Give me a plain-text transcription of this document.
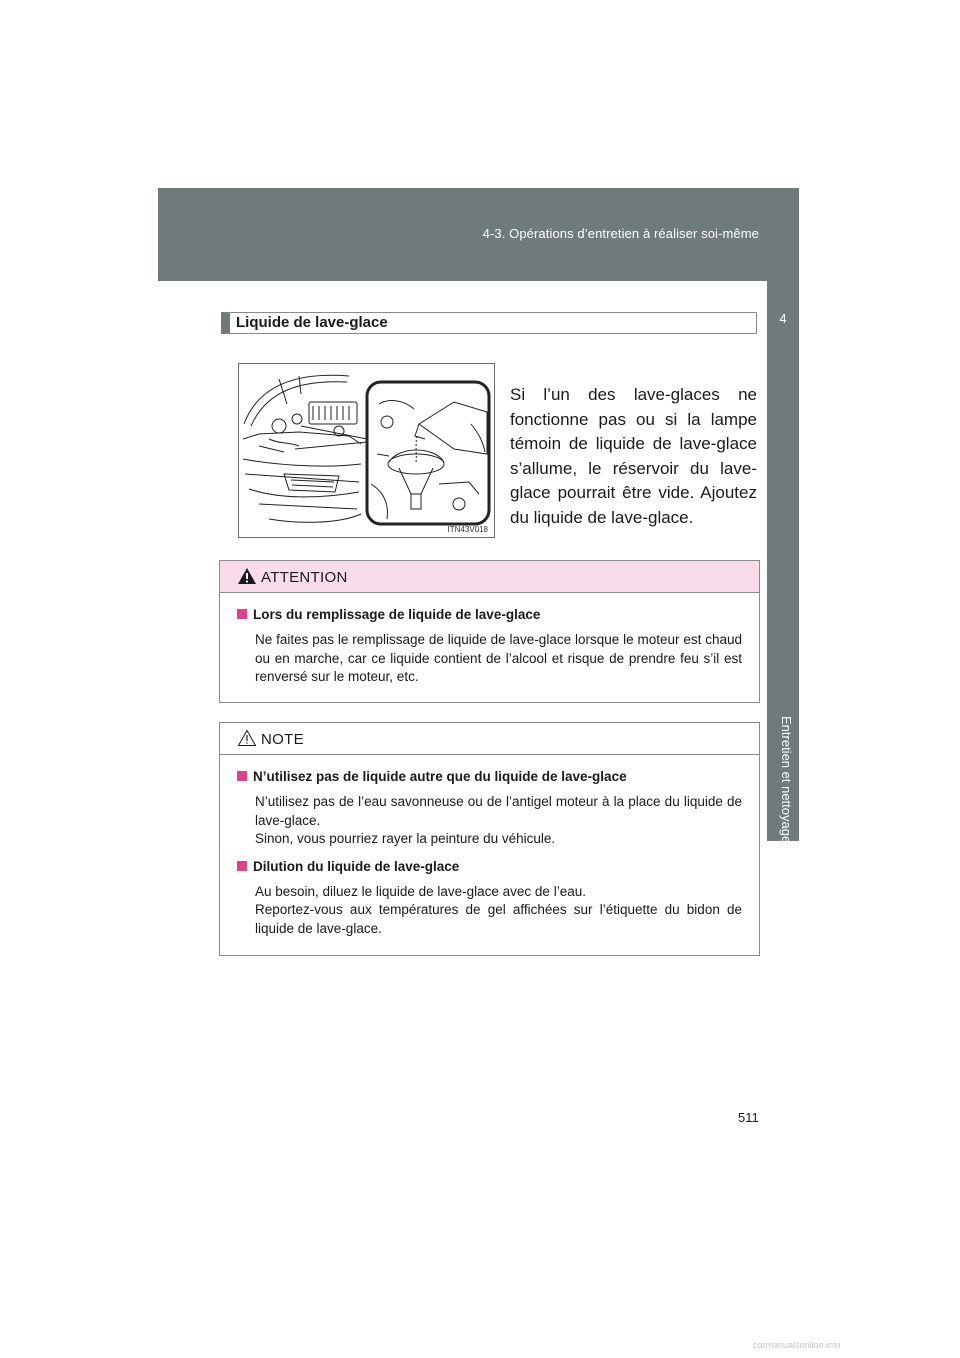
4-3. Opérations d’entretien à réaliser soi-même
4
Entretien et nettoyage
Liquide de lave-glace
ITN43V018
Si l’un des lave-glaces ne fonctionne pas ou si la lampe témoin de liquide de lave-glace s’allume, le réservoir du lave-glace pourrait être vide. Ajoutez du liquide de lave-glace.
ATTENTION
Lors du remplissage de liquide de lave-glace
Ne faites pas le remplissage de liquide de lave-glace lorsque le moteur est chaud ou en marche, car ce liquide contient de l’alcool et risque de prendre feu s’il est renversé sur le moteur, etc.
NOTE
N’utilisez pas de liquide autre que du liquide de lave-glace
N’utilisez pas de l’eau savonneuse ou de l’antigel moteur à la place du liquide de lave-glace.
Sinon, vous pourriez rayer la peinture du véhicule.
Dilution du liquide de lave-glace
Au besoin, diluez le liquide de lave-glace avec de l’eau.
Reportez-vous aux températures de gel affichées sur l’étiquette du bidon de liquide de lave-glace.
511
carmanualsonline.info
